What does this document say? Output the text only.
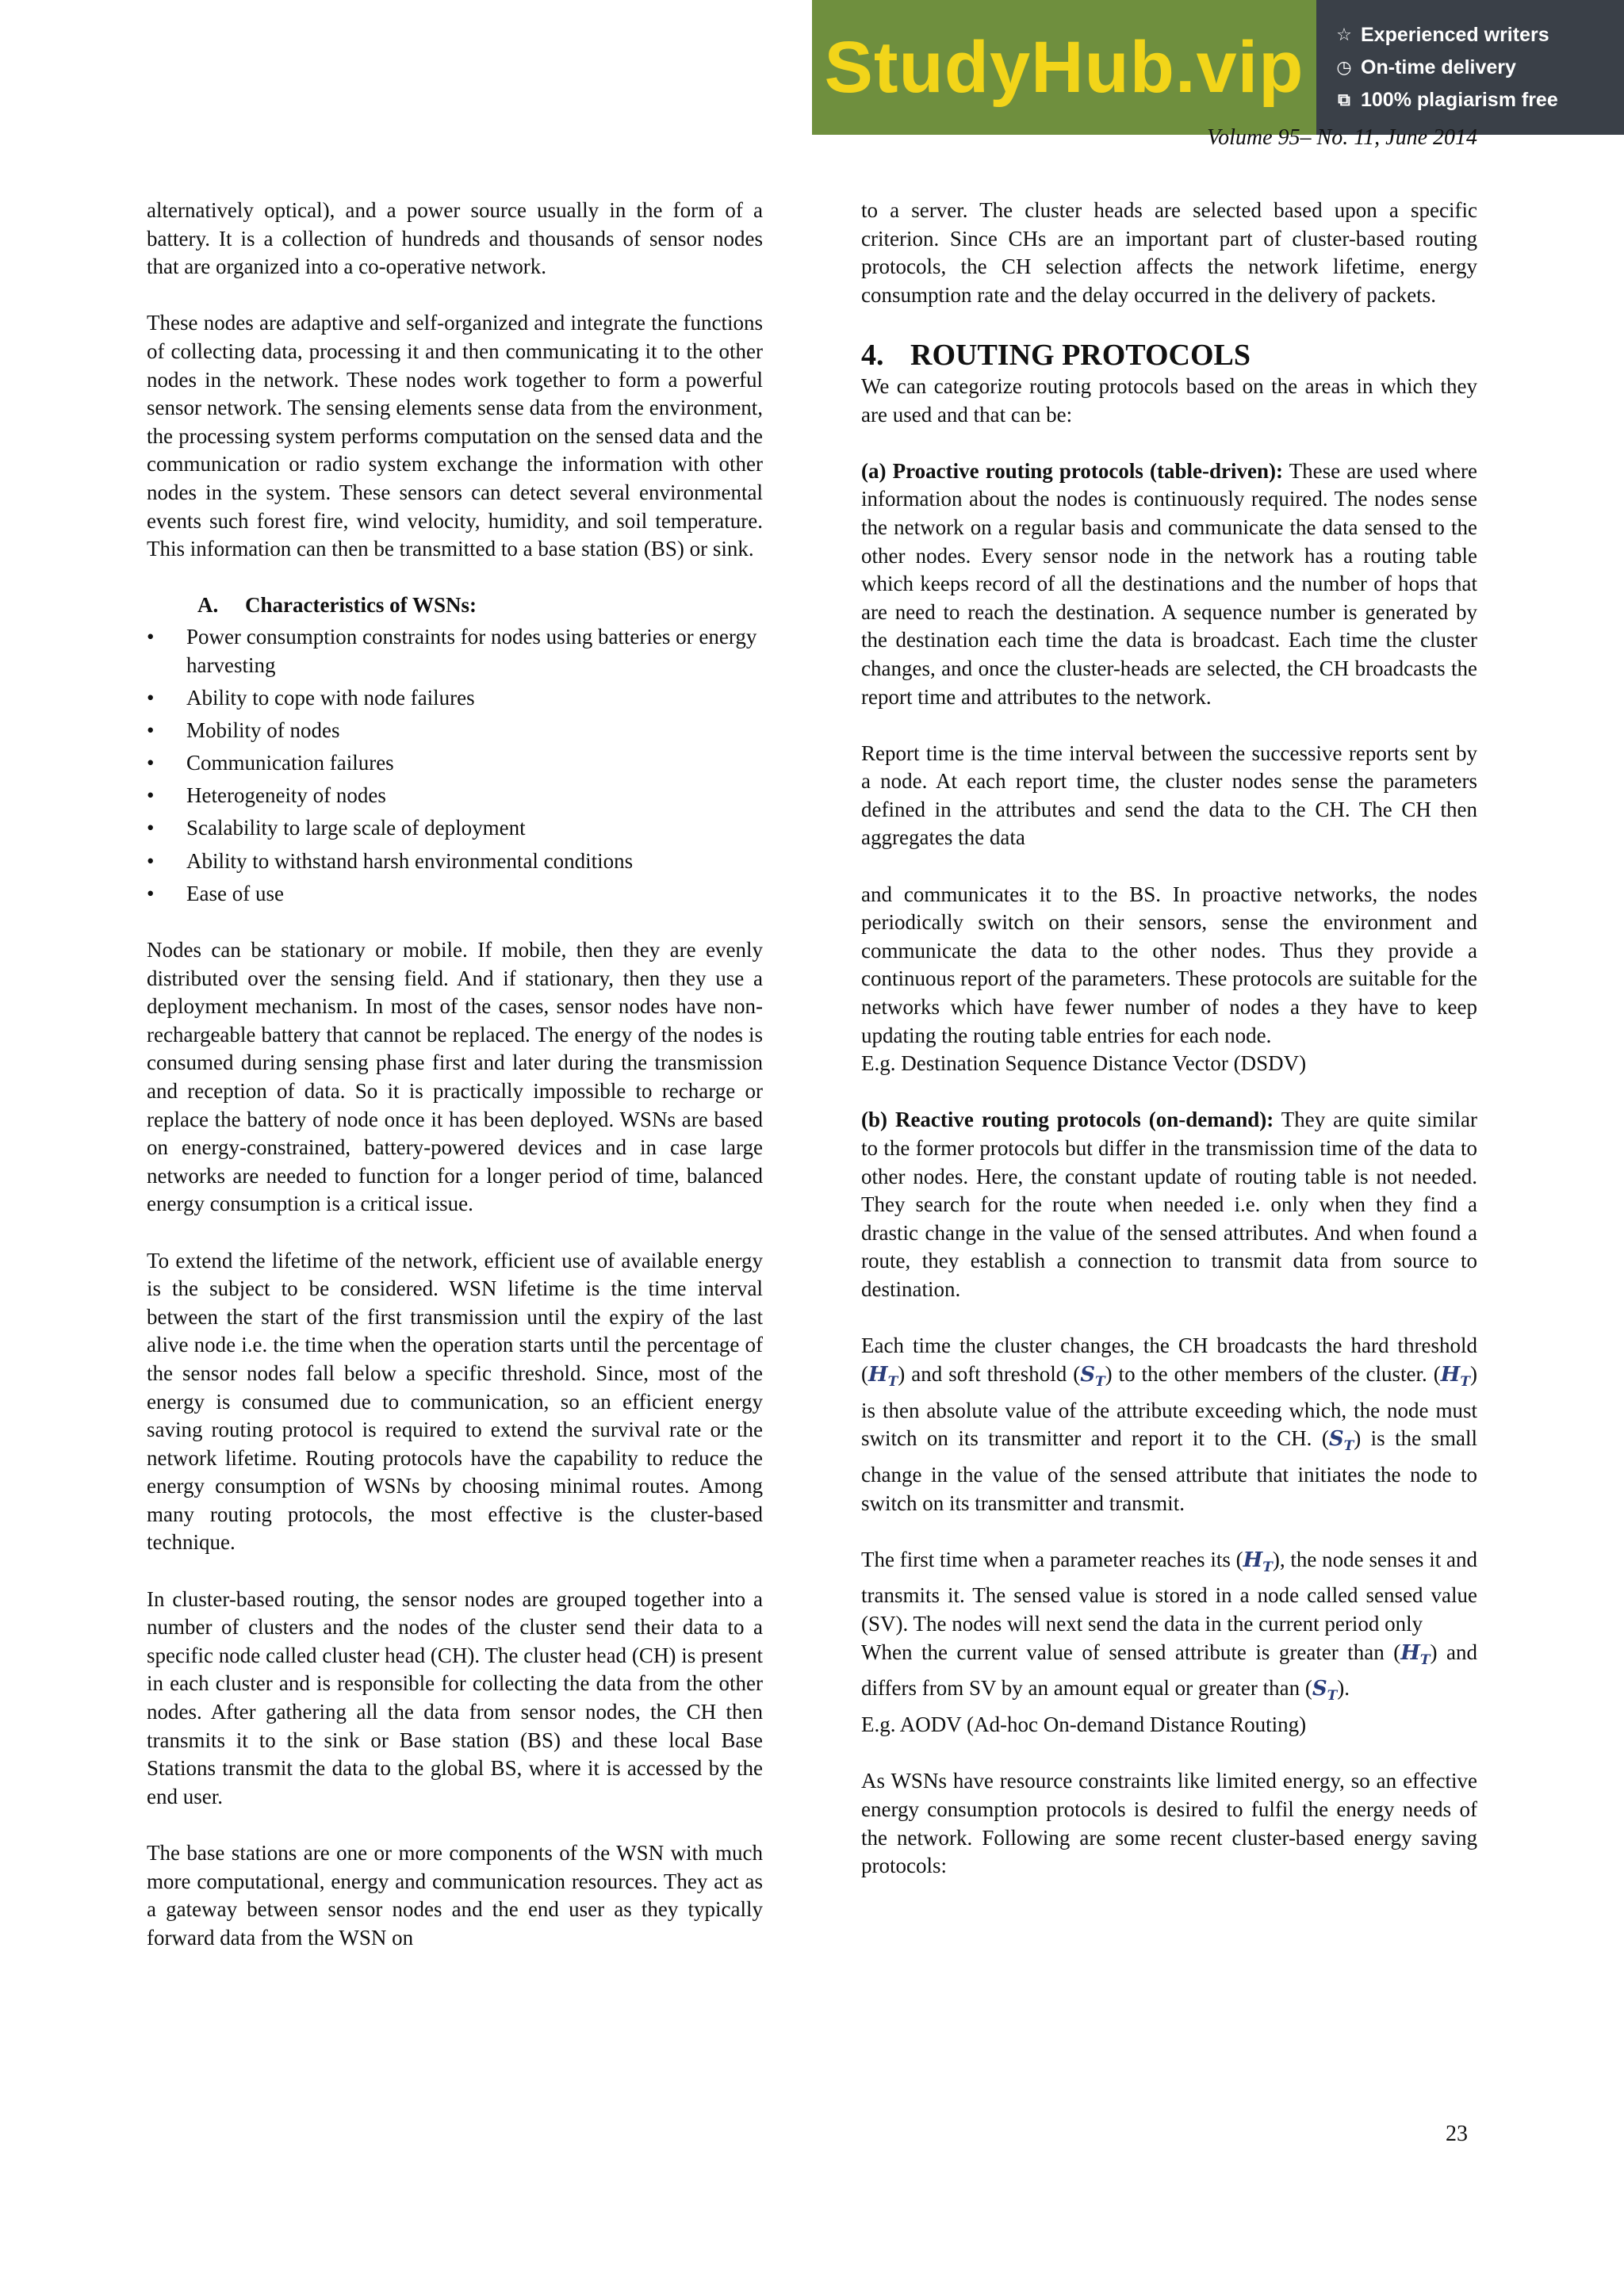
StudyHub.vip ☆ Experienced writers
◷ On-time delivery
⧉ 100% plagiarism free
Volume 95– No. 11, June 2014

alternatively optical), and a power source usually in the form of a battery. It is a collection of hundreds and thousands of sensor nodes that are organized into a co-operative network.

These nodes are adaptive and self-organized and integrate the functions of collecting data, processing it and then communicating it to the other nodes in the network. These nodes work together to form a powerful sensor network. The sensing elements sense data from the environment, the processing system performs computation on the sensed data and the communication or radio system exchange the information with other nodes in the system. These sensors can detect several environmental events such forest fire, wind velocity, humidity, and soil temperature. This information can then be transmitted to a base station (BS) or sink.

A. Characteristics of WSNs:
• Power consumption constraints for nodes using batteries or energy harvesting
• Ability to cope with node failures
• Mobility of nodes
• Communication failures
• Heterogeneity of nodes
• Scalability to large scale of deployment
• Ability to withstand harsh environmental conditions
• Ease of use

Nodes can be stationary or mobile. If mobile, then they are evenly distributed over the sensing field. And if stationary, then they use a deployment mechanism. In most of the cases, sensor nodes have non-rechargeable battery that cannot be replaced. The energy of the nodes is consumed during sensing phase first and later during the transmission and reception of data. So it is practically impossible to recharge or replace the battery of node once it has been deployed. WSNs are based on energy-constrained, battery-powered devices and in case large networks are needed to function for a longer period of time, balanced energy consumption is a critical issue.

To extend the lifetime of the network, efficient use of available energy is the subject to be considered. WSN lifetime is the time interval between the start of the first transmission until the expiry of the last alive node i.e. the time when the operation starts until the percentage of the sensor nodes fall below a specific threshold. Since, most of the energy is consumed due to communication, so an efficient energy saving routing protocol is required to extend the survival rate or the network lifetime. Routing protocols have the capability to reduce the energy consumption of WSNs by choosing minimal routes. Among many routing protocols, the most effective is the cluster-based technique.

In cluster-based routing, the sensor nodes are grouped together into a number of clusters and the nodes of the cluster send their data to a specific node called cluster head (CH). The cluster head (CH) is present in each cluster and is responsible for collecting the data from the other nodes. After gathering all the data from sensor nodes, the CH then transmits it to the sink or Base station (BS) and these local Base Stations transmit the data to the global BS, where it is accessed by the end user.

The base stations are one or more components of the WSN with much more computational, energy and communication resources. They act as a gateway between sensor nodes and the end user as they typically forward data from the WSN on

to a server. The cluster heads are selected based upon a specific criterion. Since CHs are an important part of cluster-based routing protocols, the CH selection affects the network lifetime, energy consumption rate and the delay occurred in the delivery of packets.

4. ROUTING PROTOCOLS

We can categorize routing protocols based on the areas in which they are used and that can be:

(a) Proactive routing protocols (table-driven): These are used where information about the nodes is continuously required. The nodes sense the network on a regular basis and communicate the data sensed to the other nodes. Every sensor node in the network has a routing table which keeps record of all the destinations and the number of hops that are need to reach the destination. A sequence number is generated by the destination each time the data is broadcast. Each time the cluster changes, and once the cluster-heads are selected, the CH broadcasts the report time and attributes to the network.

Report time is the time interval between the successive reports sent by a node. At each report time, the cluster nodes sense the parameters defined in the attributes and send the data to the CH. The CH then aggregates the data

and communicates it to the BS. In proactive networks, the nodes periodically switch on their sensors, sense the environment and communicate the data to the other nodes. Thus they provide a continuous report of the parameters. These protocols are suitable for the networks which have fewer number of nodes a they have to keep updating the routing table entries for each node.

E.g. Destination Sequence Distance Vector (DSDV)

(b) Reactive routing protocols (on-demand): They are quite similar to the former protocols but differ in the transmission time of the data to other nodes. Here, the constant update of routing table is not needed. They search for the route when needed i.e. only when they find a drastic change in the value of the sensed attributes. And when found a route, they establish a connection to transmit data from source to destination.

Each time the cluster changes, the CH broadcasts the hard threshold $(H_T)$ and soft threshold $(S_T)$ to the other members of the cluster. $(H_T)$ is then absolute value of the attribute exceeding which, the node must switch on its transmitter and report it to the CH. $(S_T)$ is the small change in the value of the sensed attribute that initiates the node to switch on its transmitter and transmit.

The first time when a parameter reaches its $(H_T)$, the node senses it and transmits it. The sensed value is stored in a node called sensed value (SV). The nodes will next send the data in the current period only

When the current value of sensed attribute is greater than $(H_T)$ and differs from SV by an amount equal or greater than $(S_T)$.

E.g. AODV (Ad-hoc On-demand Distance Routing)

As WSNs have resource constraints like limited energy, so an effective energy consumption protocols is desired to fulfil the energy needs of the network. Following are some recent cluster-based energy saving protocols:

23
